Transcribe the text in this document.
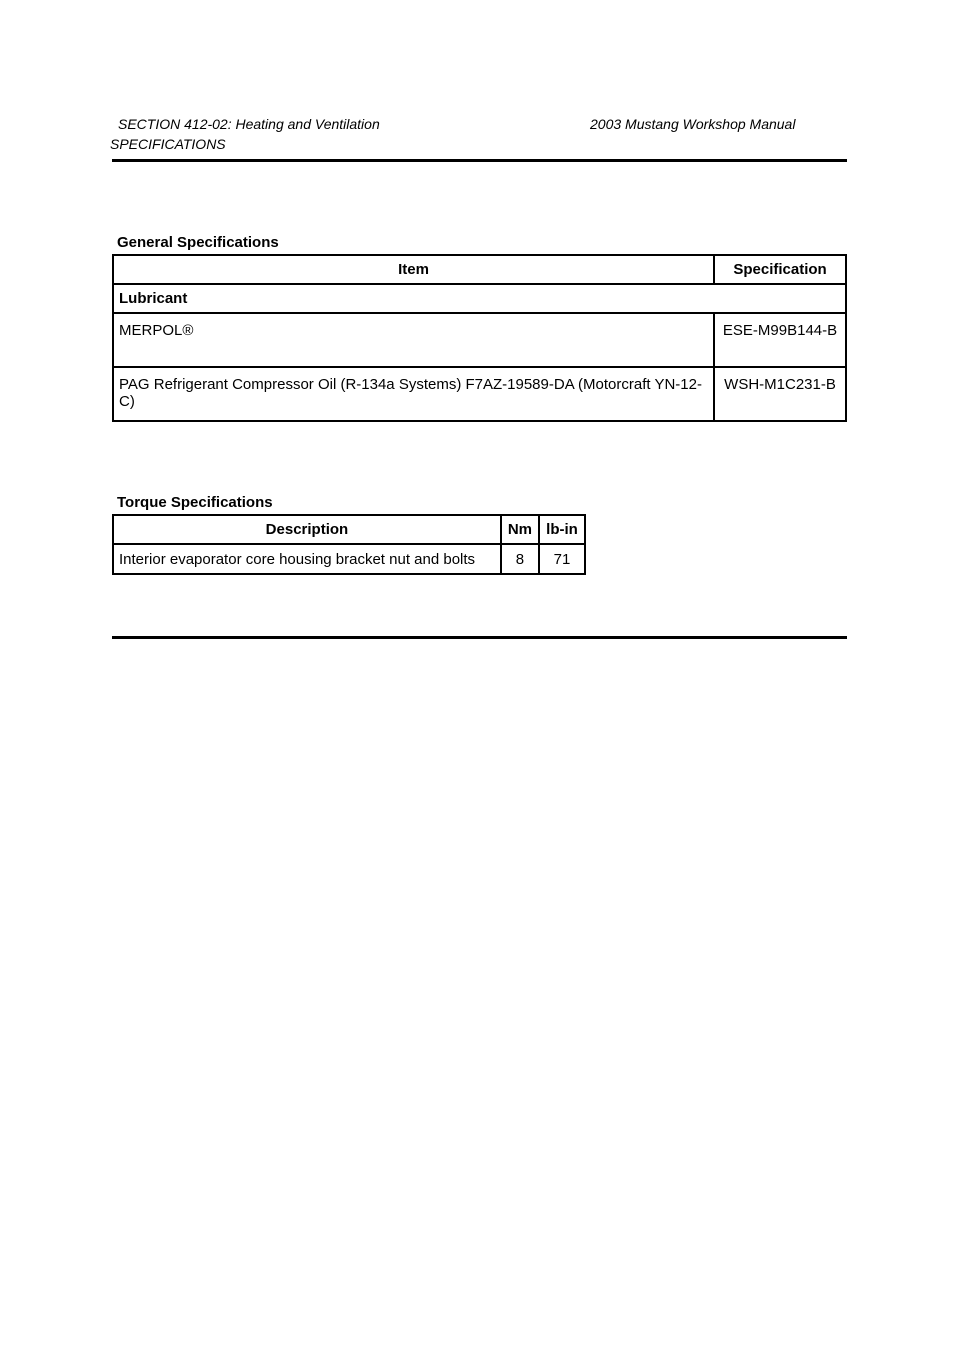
SECTION 412-02: Heating and Ventilation	2003 Mustang Workshop Manual
SPECIFICATIONS
General Specifications
Item	Specification
Lubricant	
MERPOL®	ESE-M99B144-B
PAG Refrigerant Compressor Oil (R-134a Systems) F7AZ-19589-DA (Motorcraft YN-12-C)	WSH-M1C231-B
Torque Specifications
Description	Nm	lb-in
Interior evaporator core housing bracket nut and bolts	8	71
